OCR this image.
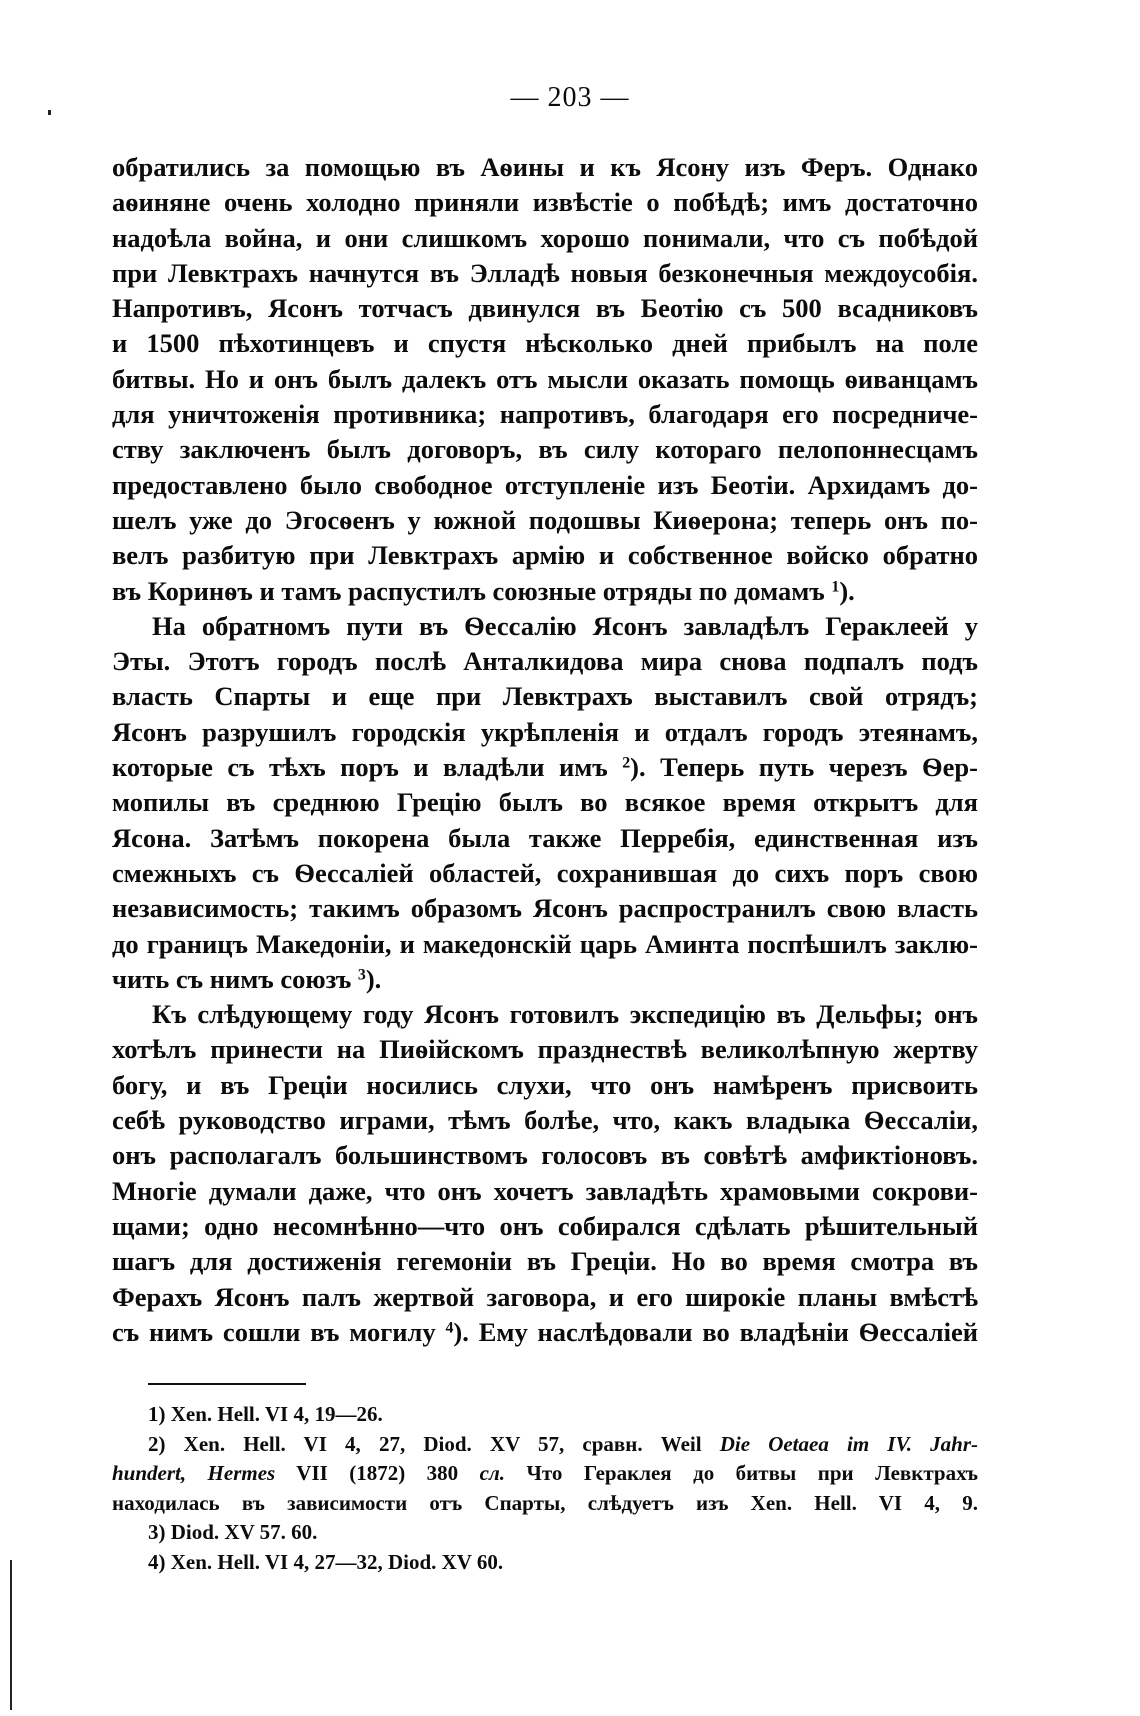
— 203 —
обратились за помощью въ Аѳины и къ Ясону изъ Феръ. Однако
аѳиняне очень холодно приняли извѣстіе о побѣдѣ; имъ достаточно
надоѣла война, и они слишкомъ хорошо понимали, что съ побѣдой
при Левктрахъ начнутся въ Элладѣ новыя безконечныя междоусобія.
Напротивъ, Ясонъ тотчасъ двинулся въ Беотію съ 500 всадниковъ
и 1500 пѣхотинцевъ и спустя нѣсколько дней прибылъ на поле
битвы. Но и онъ былъ далекъ отъ мысли оказать помощь ѳиванцамъ
для уничтоженія противника; напротивъ, благодаря его посредниче-
ству заключенъ былъ договоръ, въ силу котораго пелопоннесцамъ
предоставлено было свободное отступленіе изъ Беотіи. Архидамъ до-
шелъ уже до Эгосѳенъ у южной подошвы Киѳерона; теперь онъ по-
велъ разбитую при Левктрахъ армію и собственное войско обратно
въ Коринѳъ и тамъ распустилъ союзные отряды по домамъ $^1$).
На обратномъ пути въ Ѳессалію Ясонъ завладѣлъ Гераклеей у
Эты. Этотъ городъ послѣ Анталкидова мира снова подпалъ подъ
власть Спарты и еще при Левктрахъ выставилъ свой отрядъ;
Ясонъ разрушилъ городскія укрѣпленія и отдалъ городъ этеянамъ,
которые съ тѣхъ поръ и владѣли имъ $^2$). Теперь путь черезъ Ѳер-
мопилы въ среднюю Грецію былъ во всякое время открытъ для
Ясона. Затѣмъ покорена была также Перребія, единственная изъ
смежныхъ съ Ѳессаліей областей, сохранившая до сихъ поръ свою
независимость; такимъ образомъ Ясонъ распространилъ свою власть
до границъ Македоніи, и македонскій царь Аминта поспѣшилъ заклю-
чить съ нимъ союзъ $^3$).
Къ слѣдующему году Ясонъ готовилъ экспедицію въ Дельфы; онъ
хотѣлъ принести на Пиѳійскомъ празднествѣ великолѣпную жертву
богу, и въ Греціи носились слухи, что онъ намѣренъ присвоить
себѣ руководство играми, тѣмъ болѣе, что, какъ владыка Ѳессаліи,
онъ располагалъ большинствомъ голосовъ въ совѣтѣ амфиктіоновъ.
Многіе думали даже, что онъ хочетъ завладѣть храмовыми сокрови-
щами; одно несомнѣнно—что онъ собирался сдѣлать рѣшительный
шагъ для достиженія гегемоніи въ Греціи. Но во время смотра въ
Ферахъ Ясонъ палъ жертвой заговора, и его широкіе планы вмѣстѣ
съ нимъ сошли въ могилу $^4$). Ему наслѣдовали во владѣніи Ѳессаліей
1) Xen. Hell. VI 4, 19—26.
2) Xen. Hell. VI 4, 27, Diod. XV 57, сравн. Weil Die Oetaea im IV. Jahr-
hundert, Hermes VII (1872) 380 сл. Что Гераклея до битвы при Левктрахъ
находилась въ зависимости отъ Спарты, слѣдуетъ изъ Xen. Hell. VI 4, 9.
3) Diod. XV 57. 60.
4) Xen. Hell. VI 4, 27—32, Diod. XV 60.
